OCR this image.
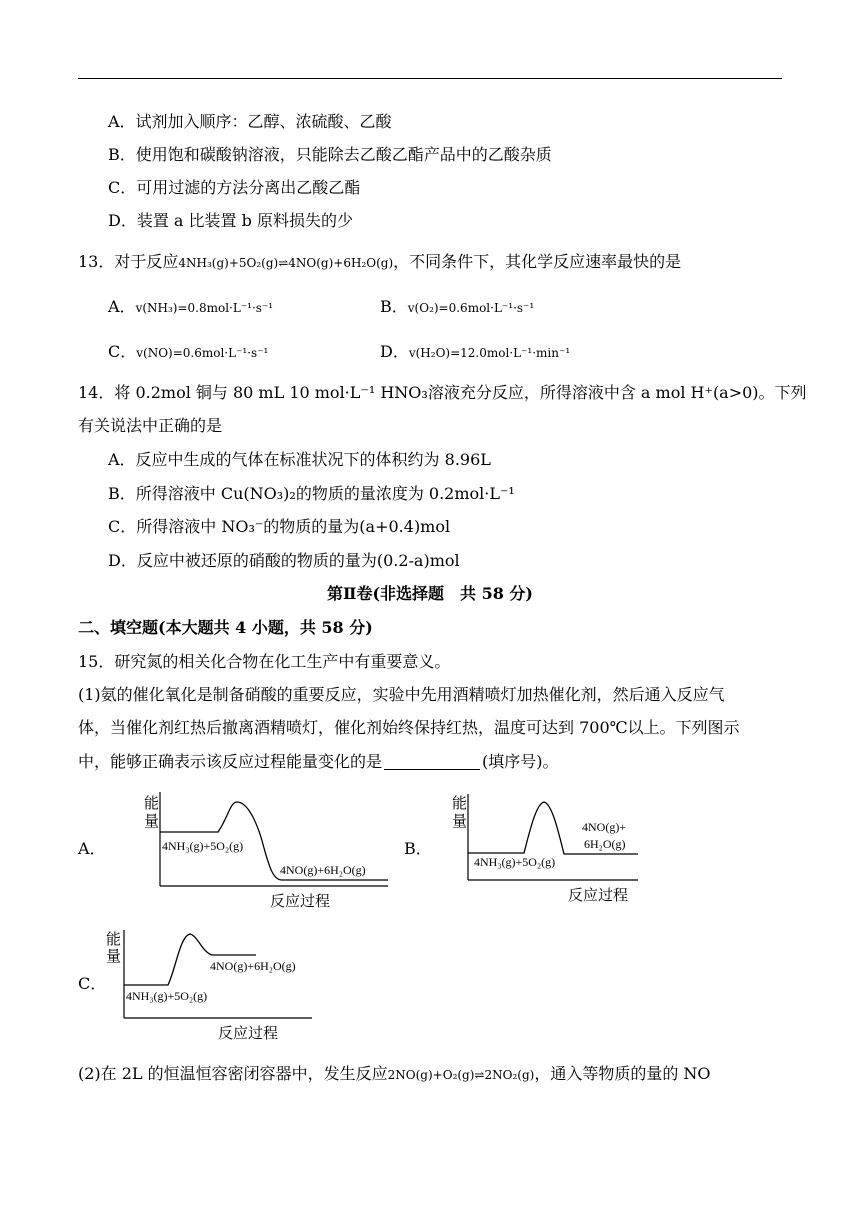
A．试剂加入顺序：乙醇、浓硫酸、乙酸
B．使用饱和碳酸钠溶液，只能除去乙酸乙酯产品中的乙酸杂质
C．可用过滤的方法分离出乙酸乙酯
D．装置 a 比装置 b 原料损失的少
13．对于反应4NH₃(g)+5O₂(g)⇌4NO(g)+6H₂O(g)，不同条件下，其化学反应速率最快的是
A．v(NH₃)=0.8mol·L⁻¹·s⁻¹	B．v(O₂)=0.6mol·L⁻¹·s⁻¹
C．v(NO)=0.6mol·L⁻¹·s⁻¹	D．v(H₂O)=12.0mol·L⁻¹·min⁻¹
14．将 0.2mol 铜与 80 mL 10 mol·L⁻¹ HNO₃溶液充分反应，所得溶液中含 a mol H⁺(a>0)。下列
有关说法中正确的是
A．反应中生成的气体在标准状况下的体积约为 8.96L
B．所得溶液中 Cu(NO₃)₂的物质的量浓度为 0.2mol·L⁻¹
C．所得溶液中 NO₃⁻的物质的量为(a+0.4)mol
D．反应中被还原的硝酸的物质的量为(0.2-a)mol
第Ⅱ卷(非选择题　共 58 分)
二、填空题(本大题共 4 小题，共 58 分)
15．研究氮的相关化合物在化工生产中有重要意义。
(1)氨的催化氧化是制备硝酸的重要反应，实验中先用酒精喷灯加热催化剂，然后通入反应气
体，当催化剂红热后撤离酒精喷灯，催化剂始终保持红热，温度可达到 700℃以上。下列图示
中，能够正确表示该反应过程能量变化的是	(填序号)。
A．
能
量
4NH₃(g)+5O₂(g)
4NO(g)+6H₂O(g)
反应过程
B．
能
量
4NH₃(g)+5O₂(g)
4NO(g)+
6H₂O(g)
反应过程
C．
能
量
4NO(g)+6H₂O(g)
4NH₃(g)+5O₂(g)
反应过程
(2)在 2L 的恒温恒容密闭容器中，发生反应2NO(g)+O₂(g)⇌2NO₂(g)，通入等物质的量的 NO
